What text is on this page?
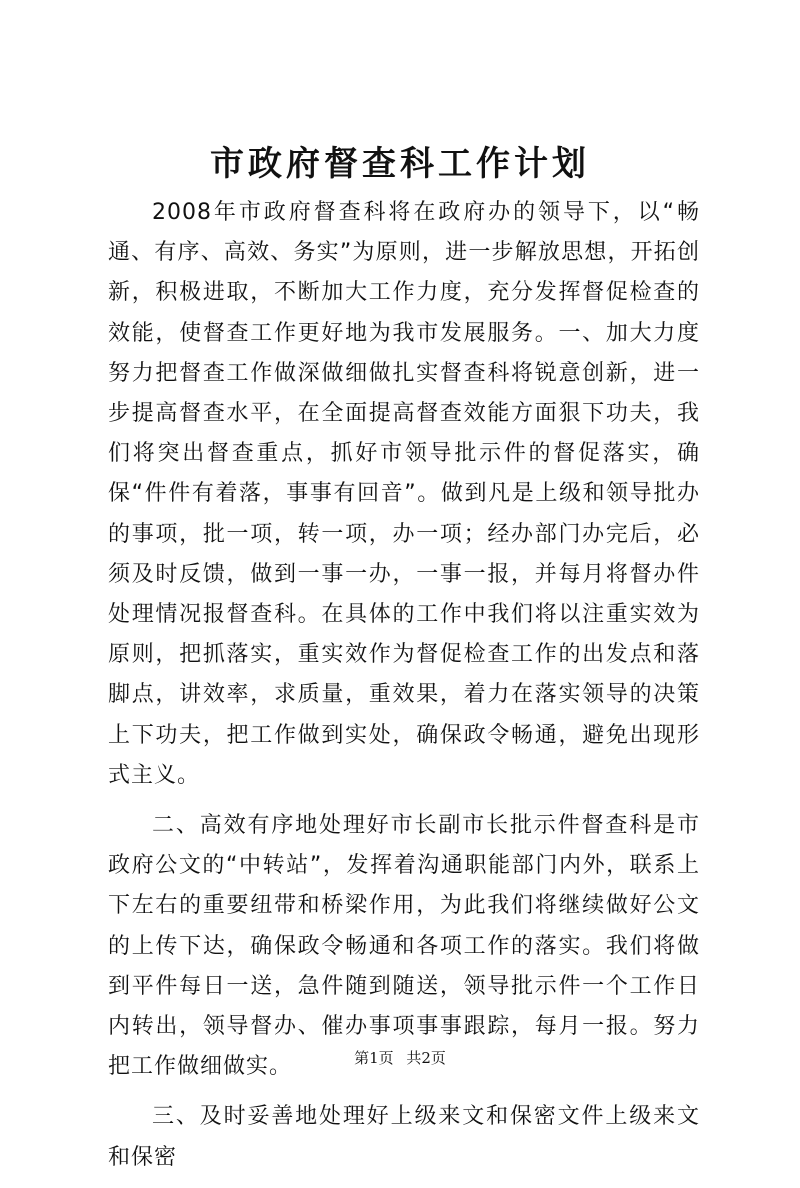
市政府督查科工作计划

2008年市政府督查科将在政府办的领导下，以“畅通、有序、高效、务实”为原则，进一步解放思想，开拓创新，积极进取，不断加大工作力度，充分发挥督促检查的效能，使督查工作更好地为我市发展服务。一、加大力度努力把督查工作做深做细做扎实督查科将锐意创新，进一步提高督查水平，在全面提高督查效能方面狠下功夫，我们将突出督查重点，抓好市领导批示件的督促落实，确保“件件有着落，事事有回音”。做到凡是上级和领导批办的事项，批一项，转一项，办一项；经办部门办完后，必须及时反馈，做到一事一办，一事一报，并每月将督办件处理情况报督查科。在具体的工作中我们将以注重实效为原则，把抓落实，重实效作为督促检查工作的出发点和落脚点，讲效率，求质量，重效果，着力在落实领导的决策上下功夫，把工作做到实处，确保政令畅通，避免出现形式主义。

二、高效有序地处理好市长副市长批示件督查科是市政府公文的“中转站”，发挥着沟通职能部门内外，联系上下左右的重要纽带和桥梁作用，为此我们将继续做好公文的上传下达，确保政令畅通和各项工作的落实。我们将做到平件每日一送，急件随到随送，领导批示件一个工作日内转出，领导督办、催办事项事事跟踪，每月一报。努力把工作做细做实。

三、及时妥善地处理好上级来文和保密文件上级来文和保密

第1页 共2页
